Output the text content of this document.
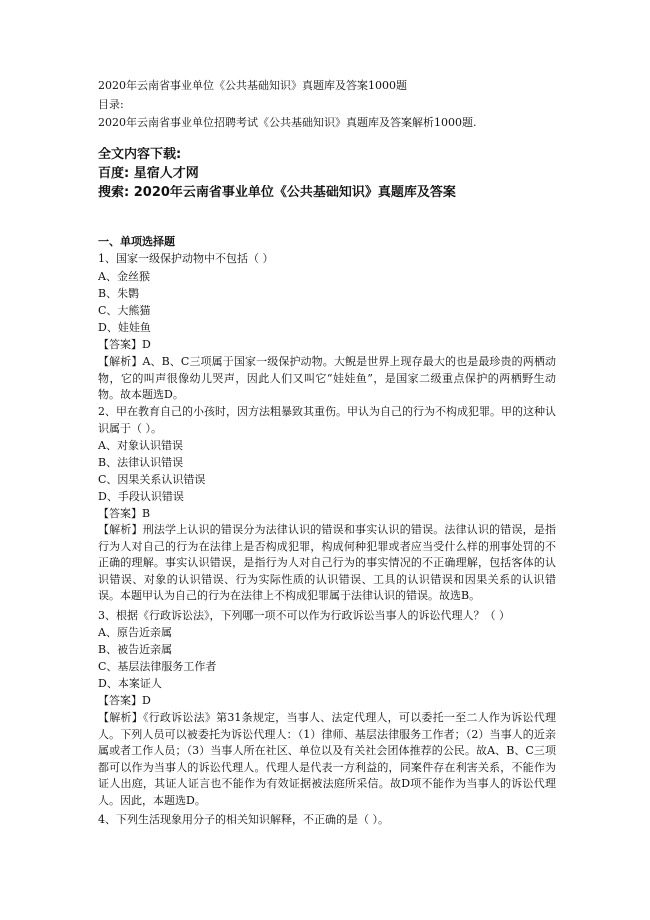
2020年云南省事业单位《公共基础知识》真题库及答案1000题
目录:
2020年云南省事业单位招聘考试《公共基础知识》真题库及答案解析1000题.
全文内容下载:
百度: 星宿人才网
搜索: 2020年云南省事业单位《公共基础知识》真题库及答案
一、单项选择题
1、国家一级保护动物中不包括（ ）
A、金丝猴
B、朱鹮
C、大熊猫
D、娃娃鱼
【答案】D
【解析】A、B、C三项属于国家一级保护动物。大鲵是世界上现存最大的也是最珍贵的两栖动物，它的叫声很像幼儿哭声，因此人们又叫它“娃娃鱼”，是国家二级重点保护的两栖野生动物。故本题选D。
2、甲在教育自己的小孩时，因方法粗暴致其重伤。甲认为自己的行为不构成犯罪。甲的这种认识属于（ ）。
A、对象认识错误
B、法律认识错误
C、因果关系认识错误
D、手段认识错误
【答案】B
【解析】刑法学上认识的错误分为法律认识的错误和事实认识的错误。法律认识的错误，是指行为人对自己的行为在法律上是否构成犯罪，构成何种犯罪或者应当受什么样的刑事处罚的不正确的理解。事实认识错误，是指行为人对自己行为的事实情况的不正确理解，包括客体的认识错误、对象的认识错误、行为实际性质的认识错误、工具的认识错误和因果关系的认识错误。本题甲认为自己的行为在法律上不构成犯罪属于法律认识的错误。故选B。
3、根据《行政诉讼法》，下列哪一项不可以作为行政诉讼当事人的诉讼代理人？（ ）
A、原告近亲属
B、被告近亲属
C、基层法律服务工作者
D、本案证人
【答案】D
【解析】《行政诉讼法》第31条规定，当事人、法定代理人，可以委托一至二人作为诉讼代理人。下列人员可以被委托为诉讼代理人：（1）律师、基层法律服务工作者；（2）当事人的近亲属或者工作人员；（3）当事人所在社区、单位以及有关社会团体推荐的公民。故A、B、C三项都可以作为当事人的诉讼代理人。代理人是代表一方利益的，同案件存在利害关系，不能作为证人出庭，其证人证言也不能作为有效证据被法庭所采信。故D项不能作为当事人的诉讼代理人。因此，本题选D。
4、下列生活现象用分子的相关知识解释，不正确的是（ ）。
